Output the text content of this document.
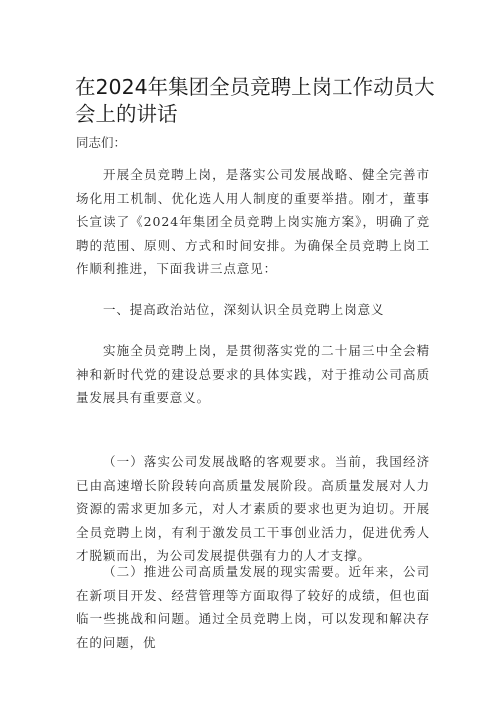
在2024年集团全员竞聘上岗工作动员大会上的讲话
同志们：

开展全员竞聘上岗，是落实公司发展战略、健全完善市场化用工机制、优化选人用人制度的重要举措。刚才，董事长宣读了《2024年集团全员竞聘上岗实施方案》，明确了竞聘的范围、原则、方式和时间安排。为确保全员竞聘上岗工作顺利推进，下面我讲三点意见：

一、提高政治站位，深刻认识全员竞聘上岗意义

实施全员竞聘上岗，是贯彻落实党的二十届三中全会精神和新时代党的建设总要求的具体实践，对于推动公司高质量发展具有重要意义。

（一）落实公司发展战略的客观要求。当前，我国经济已由高速增长阶段转向高质量发展阶段。高质量发展对人力资源的需求更加多元，对人才素质的要求也更为迫切。开展全员竞聘上岗，有利于激发员工干事创业活力，促进优秀人才脱颖而出，为公司发展提供强有力的人才支撑。

（二）推进公司高质量发展的现实需要。近年来，公司在新项目开发、经营管理等方面取得了较好的成绩，但也面临一些挑战和问题。通过全员竞聘上岗，可以发现和解决存在的问题，优
